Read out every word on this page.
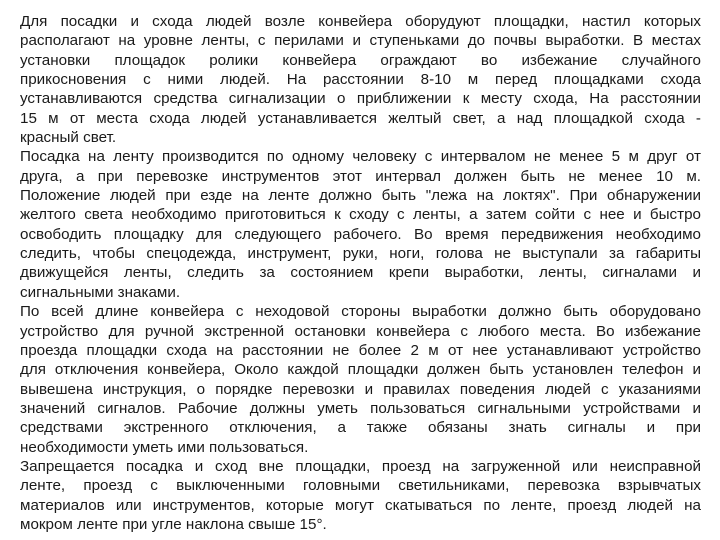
Для посадки и схода людей возле конвейера оборудуют площадки, настил которых
располагают на уровне ленты, с перилами и ступеньками до почвы выработки. В местах
установки площадок ролики конвейера ограждают во избежание случайного
прикосновения с ними людей. На расстоянии 8-10 м перед площадками схода
устанавливаются средства сигнализации о приближении к месту схода, На расстоянии
15 м от места схода людей устанавливается желтый свет, а над площадкой схода -
красный свет.
Посадка на ленту производится по одному человеку с интервалом не менее 5 м друг от
друга, а при перевозке инструментов этот интервал должен быть не менее 10 м.
Положение людей при езде на ленте должно быть "лежа на локтях". При обнаружении
желтого света необходимо приготовиться к сходу с ленты, а затем сойти с нее и быстро
освободить площадку для следующего рабочего. Во время передвижения необходимо
следить, чтобы спецодежда, инструмент, руки, ноги, голова не выступали за габариты
движущейся ленты, следить за состоянием крепи выработки, ленты, сигналами и
сигнальными знаками.
По всей длине конвейера с неходовой стороны выработки должно быть оборудовано
устройство для ручной экстренной остановки конвейера с любого места. Во избежание
проезда площадки схода на расстоянии не более 2 м от нее устанавливают устройство
для отключения конвейера, Около каждой площадки должен быть установлен телефон и
вывешена инструкция, о порядке перевозки и правилах поведения людей с указаниями
значений сигналов. Рабочие должны уметь пользоваться сигнальными устройствами и
средствами экстренного отключения, а также обязаны знать сигналы и при
необходимости уметь ими пользоваться.
Запрещается посадка и сход вне площадки, проезд на загруженной или неисправной
ленте, проезд с выключенными головными светильниками, перевозка взрывчатых
материалов или инструментов, которые могут скатываться по ленте, проезд людей на
мокром ленте при угле наклона свыше 15°.
